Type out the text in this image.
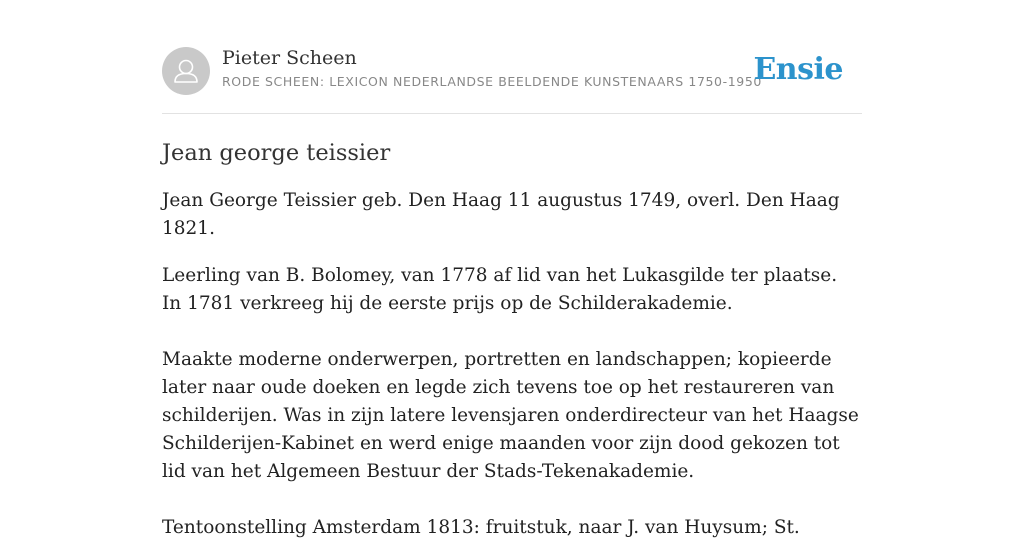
Pieter Scheen
RODE SCHEEN: LEXICON NEDERLANDSE BEELDENDE KUNSTENAARS 1750-1950
Ensie
Jean george teissier

Jean George Teissier geb. Den Haag 11 augustus 1749, overl. Den Haag 1821.

Leerling van B. Bolomey, van 1778 af lid van het Lukasgilde ter plaatse. In 1781 verkreeg hij de eerste prijs op de Schilderakademie.

Maakte moderne onderwerpen, portretten en landschappen; kopieerde later naar oude doeken en legde zich tevens toe op het restaureren van schilderijen. Was in zijn latere levensjaren onderdirecteur van het Haagse Schilderijen-Kabinet en werd enige maanden voor zijn dood gekozen tot lid van het Algemeen Bestuur der Stads-Tekenakademie.

Tentoonstelling Amsterdam 1813: fruitstuk, naar J. van Huysum; St.
